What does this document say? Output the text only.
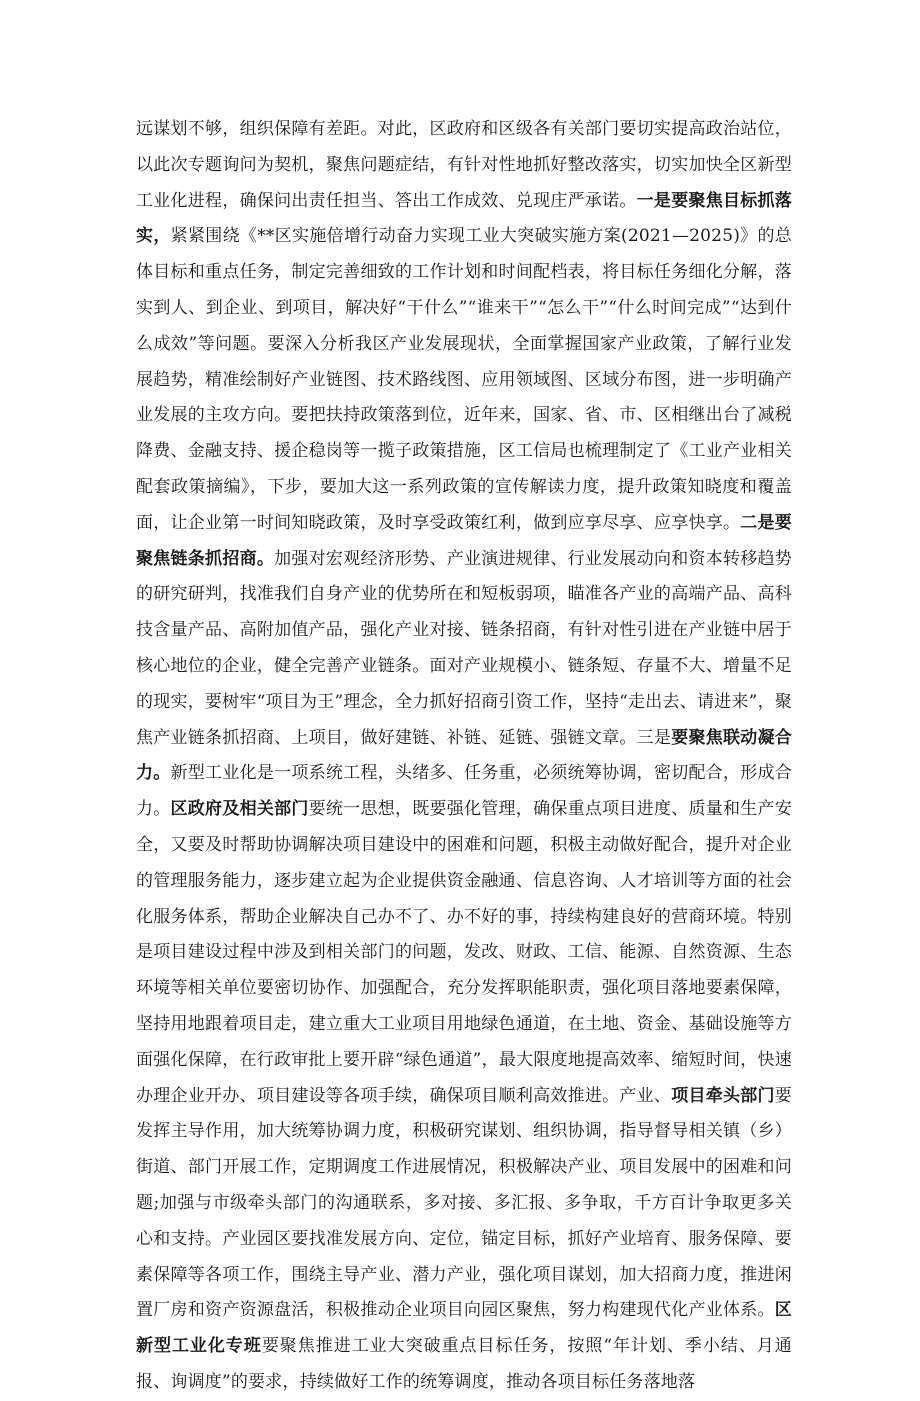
远谋划不够，组织保障有差距。对此，区政府和区级各有关部门要切实提高政治站位，以此次专题询问为契机，聚焦问题症结，有针对性地抓好整改落实，切实加快全区新型工业化进程，确保问出责任担当、答出工作成效、兑现庄严承诺。一是要聚焦目标抓落实，紧紧围绕《**区实施倍增行动奋力实现工业大突破实施方案(2021—2025)》的总体目标和重点任务，制定完善细致的工作计划和时间配档表，将目标任务细化分解，落实到人、到企业、到项目，解决好“干什么”“谁来干”“怎么干”“什么时间完成”“达到什么成效”等问题。要深入分析我区产业发展现状，全面掌握国家产业政策，了解行业发展趋势，精准绘制好产业链图、技术路线图、应用领域图、区域分布图，进一步明确产业发展的主攻方向。要把扶持政策落到位，近年来，国家、省、市、区相继出台了减税降费、金融支持、援企稳岗等一揽子政策措施，区工信局也梳理制定了《工业产业相关配套政策摘编》，下步，要加大这一系列政策的宣传解读力度，提升政策知晓度和覆盖面，让企业第一时间知晓政策，及时享受政策红利，做到应享尽享、应享快享。二是要聚焦链条抓招商。加强对宏观经济形势、产业演进规律、行业发展动向和资本转移趋势的研究研判，找准我们自身产业的优势所在和短板弱项，瞄准各产业的高端产品、高科技含量产品、高附加值产品，强化产业对接、链条招商，有针对性引进在产业链中居于核心地位的企业，健全完善产业链条。面对产业规模小、链条短、存量不大、增量不足的现实，要树牢“项目为王”理念，全力抓好招商引资工作，坚持“走出去、请进来”，聚焦产业链条抓招商、上项目，做好建链、补链、延链、强链文章。三是要聚焦联动凝合力。新型工业化是一项系统工程，头绪多、任务重，必须统筹协调，密切配合，形成合力。区政府及相关部门要统一思想，既要强化管理，确保重点项目进度、质量和生产安全，又要及时帮助协调解决项目建设中的困难和问题，积极主动做好配合，提升对企业的管理服务能力，逐步建立起为企业提供资金融通、信息咨询、人才培训等方面的社会化服务体系，帮助企业解决自己办不了、办不好的事，持续构建良好的营商环境。特别是项目建设过程中涉及到相关部门的问题，发改、财政、工信、能源、自然资源、生态环境等相关单位要密切协作、加强配合，充分发挥职能职责，强化项目落地要素保障，坚持用地跟着项目走，建立重大工业项目用地绿色通道，在土地、资金、基础设施等方面强化保障，在行政审批上要开辟“绿色通道”，最大限度地提高效率、缩短时间，快速办理企业开办、项目建设等各项手续，确保项目顺利高效推进。产业、项目牵头部门要发挥主导作用，加大统筹协调力度，积极研究谋划、组织协调，指导督导相关镇（乡）街道、部门开展工作，定期调度工作进展情况，积极解决产业、项目发展中的困难和问题;加强与市级牵头部门的沟通联系，多对接、多汇报、多争取，千方百计争取更多关心和支持。产业园区要找准发展方向、定位，锚定目标，抓好产业培育、服务保障、要素保障等各项工作，围绕主导产业、潜力产业，强化项目谋划，加大招商力度，推进闲置厂房和资产资源盘活，积极推动企业项目向园区聚焦，努力构建现代化产业体系。区新型工业化专班要聚焦推进工业大突破重点目标任务，按照“年计划、季小结、月通报、询调度”的要求，持续做好工作的统筹调度，推动各项目标任务落地落
